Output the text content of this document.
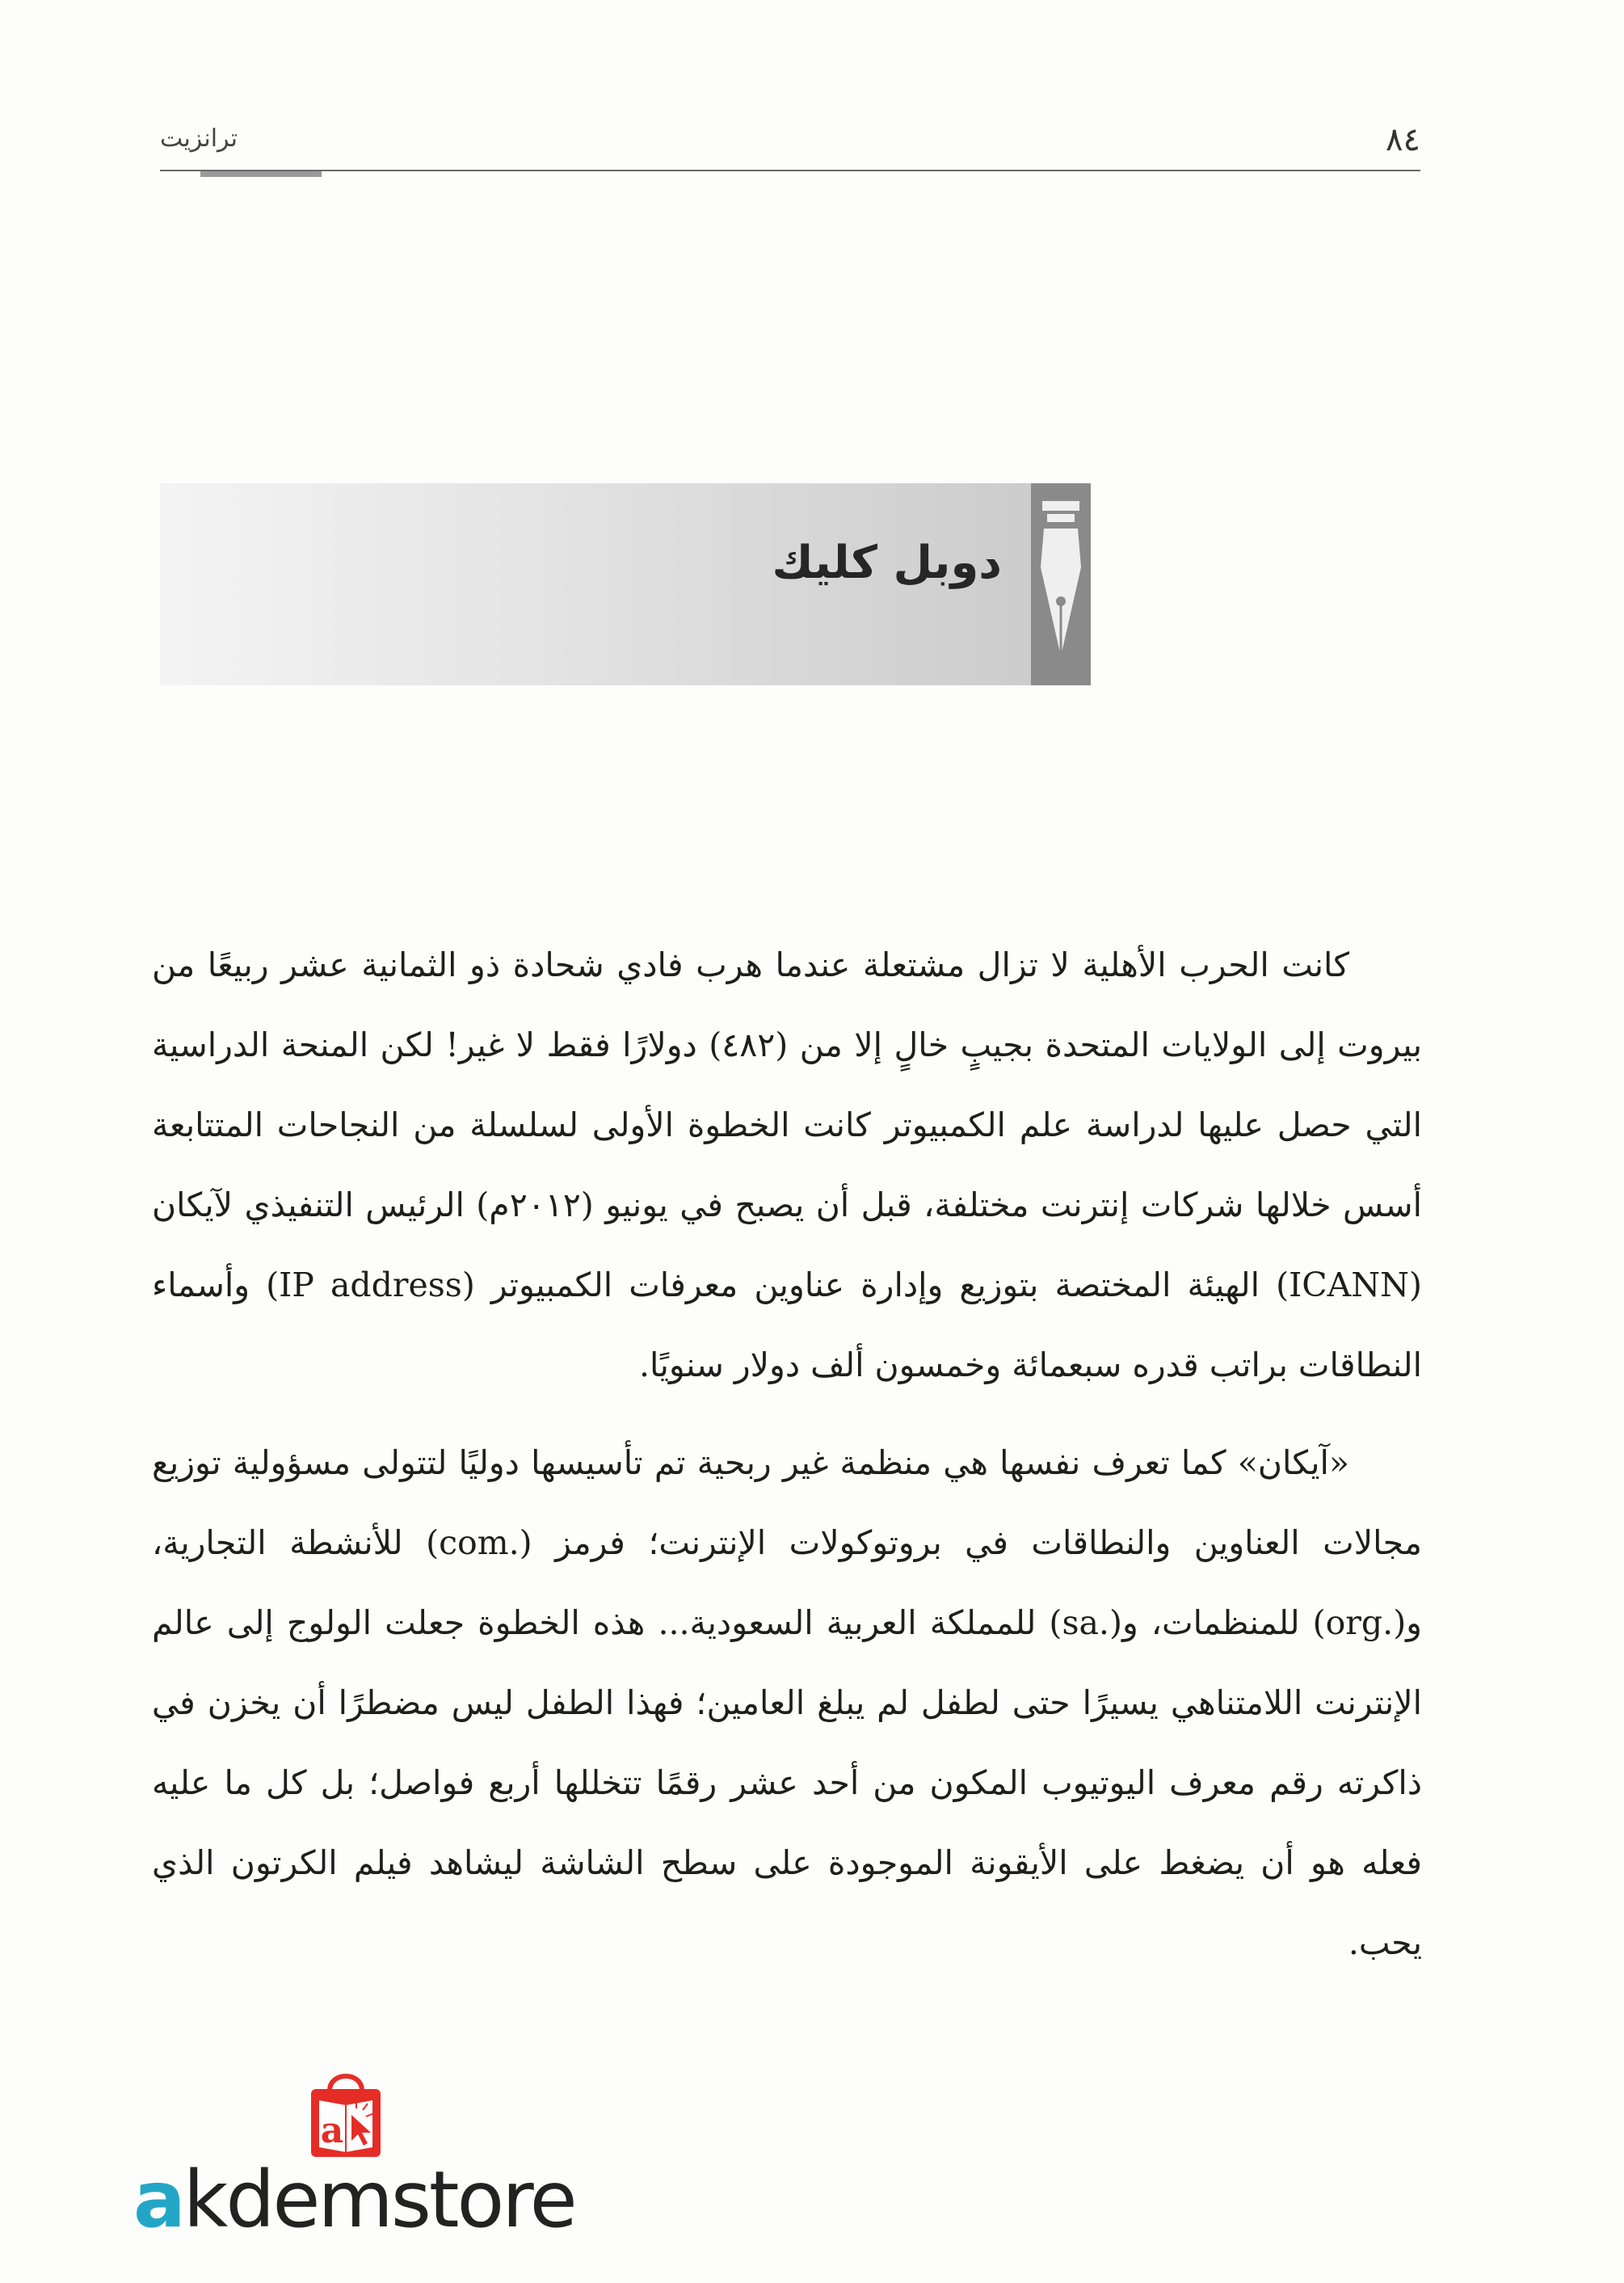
٨٤
ترانزيت
دوبل كليك

كانت الحرب الأهلية لا تزال مشتعلة عندما هرب فادي شحادة ذو الثمانية عشر ربيعًا من بيروت إلى الولايات المتحدة بجيبٍ خالٍ إلا من (٤٨٢) دولارًا فقط لا غير! لكن المنحة الدراسية التي حصل عليها لدراسة علم الكمبيوتر كانت الخطوة الأولى لسلسلة من النجاحات المتتابعة أسس خلالها شركات إنترنت مختلفة، قبل أن يصبح في يونيو (٢٠١٢م) الرئيس التنفيذي لآيكان (ICANN) الهيئة المختصة بتوزيع وإدارة عناوين معرفات الكمبيوتر (IP address) وأسماء النطاقات براتب قدره سبعمائة وخمسون ألف دولار سنويًا.

«آيكان» كما تعرف نفسها هي منظمة غير ربحية تم تأسيسها دوليًا لتتولى مسؤولية توزيع مجالات العناوين والنطاقات في بروتوكولات الإنترنت؛ فرمز (.com) للأنشطة التجارية، و(.org) للمنظمات، و(.sa) للمملكة العربية السعودية... هذه الخطوة جعلت الولوج إلى عالم الإنترنت اللامتناهي يسيرًا حتى لطفل لم يبلغ العامين؛ فهذا الطفل ليس مضطرًا أن يخزن في ذاكرته رقم معرف اليوتيوب المكون من أحد عشر رقمًا تتخللها أربع فواصل؛ بل كل ما عليه فعله هو أن يضغط على الأيقونة الموجودة على سطح الشاشة ليشاهد فيلم الكرتون الذي يحب.

a
akdemstore
